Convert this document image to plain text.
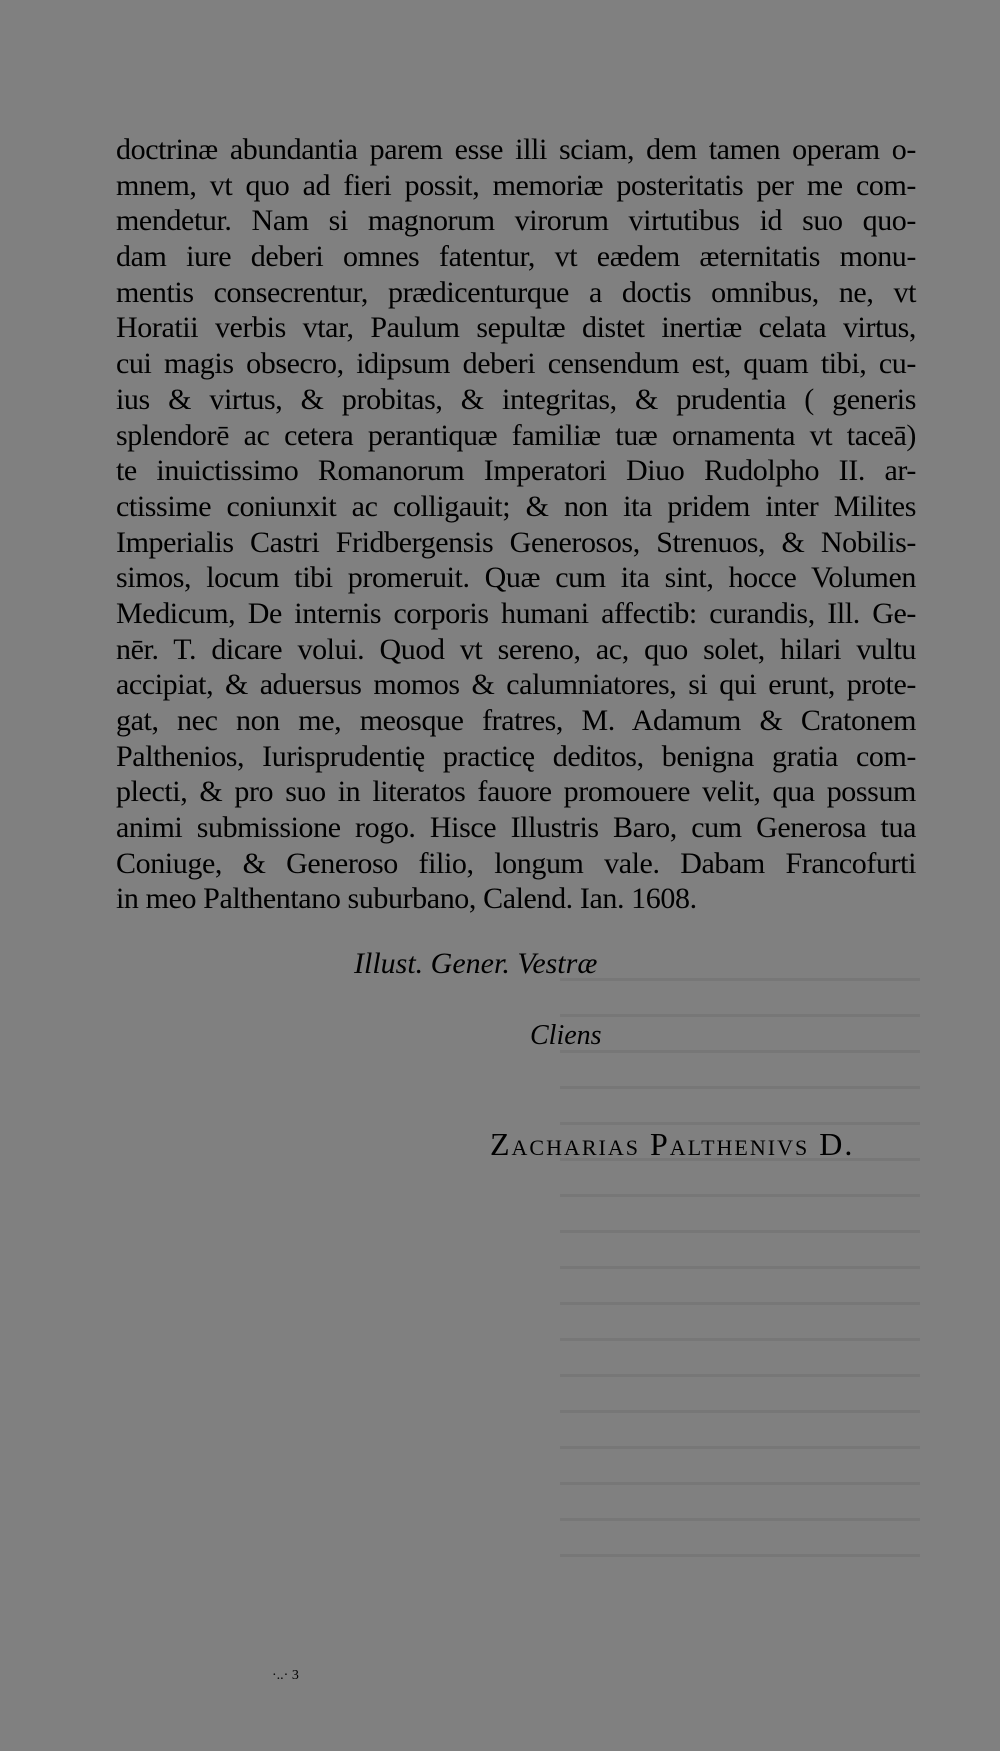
doctrinæ abundantia parem esse illi sciam, dem tamen operam o-
mnem, vt quo ad fieri possit, memoriæ posteritatis per me com-
mendetur. Nam si magnorum virorum virtutibus id suo quo-
dam iure deberi omnes fatentur, vt eædem æternitatis monu-
mentis consecrentur, prædicenturque a doctis omnibus, ne, vt
Horatii verbis vtar, Paulum sepultæ distet inertiæ celata virtus,
cui magis obsecro, idipsum deberi censendum est, quam tibi, cu-
ius & virtus, & probitas, & integritas, & prudentia ( generis
splendorē ac cetera perantiquæ familiæ tuæ ornamenta vt taceā)
te inuictissimo Romanorum Imperatori Diuo Rudolpho II. ar-
ctissime coniunxit ac colligauit; & non ita pridem inter Milites
Imperialis Castri Fridbergensis Generosos, Strenuos, & Nobilis-
simos, locum tibi promeruit. Quæ cum ita sint, hocce Volumen
Medicum, De internis corporis humani affectib: curandis, Ill. Ge-
nēr. T. dicare volui. Quod vt sereno, ac, quo solet, hilari vultu
accipiat, & aduersus momos & calumniatores, si qui erunt, prote-
gat, nec non me, meosque fratres, M. Adamum & Cratonem
Palthenios, Iurisprudentię practicę deditos, benigna gratia com-
plecti, & pro suo in literatos fauore promouere velit, qua possum
animi submissione rogo. Hisce Illustris Baro, cum Generosa tua
Coniuge, & Generoso filio, longum vale. Dabam Francofurti
in meo Palthentano suburbano, Calend. Ian. 1608.
Illust. Gener. Vestræ
Cliens
Zacharias Palthenivs D.
·..· 3
